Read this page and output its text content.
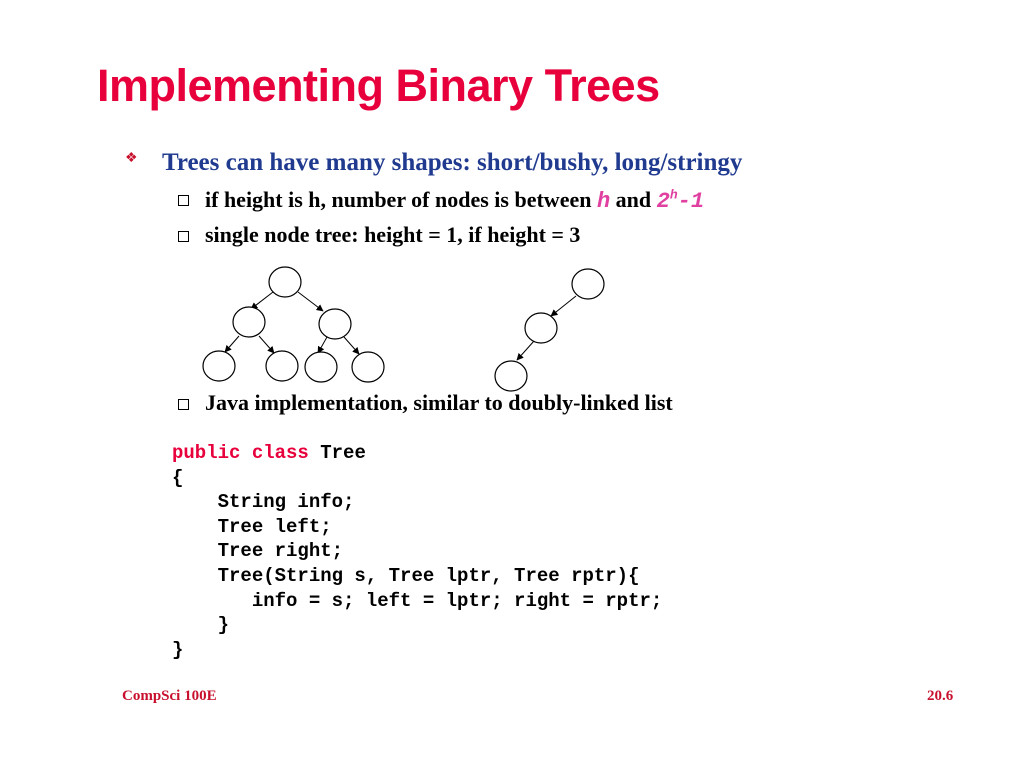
Implementing Binary Trees
❖ Trees can have many shapes: short/bushy, long/stringy
if height is h, number of nodes is between h and 2$^h$-1
single node tree: height = 1, if height = 3
Java implementation, similar to doubly-linked list
public class Tree
{
String info;
Tree left;
Tree right;
Tree(String s, Tree lptr, Tree rptr){
info = s; left = lptr; right = rptr;
}
}
CompSci 100E	20.6
